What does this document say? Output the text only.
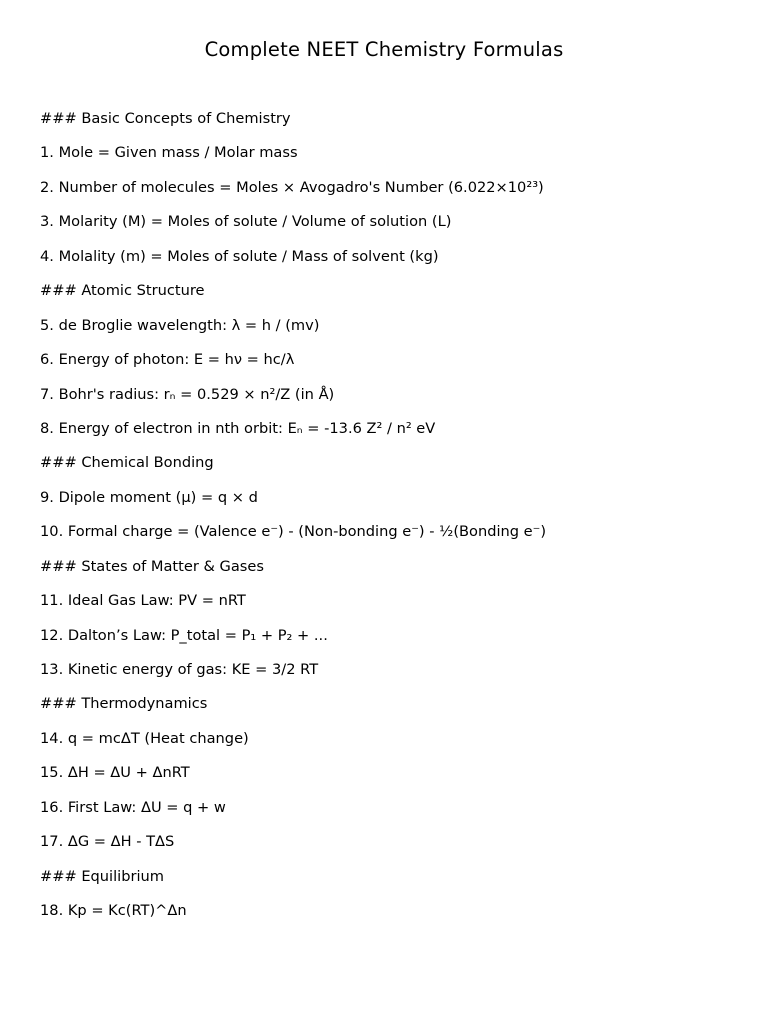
Complete NEET Chemistry Formulas
### Basic Concepts of Chemistry
1. Mole = Given mass / Molar mass
2. Number of molecules = Moles × Avogadro's Number (6.022×10²³)
3. Molarity (M) = Moles of solute / Volume of solution (L)
4. Molality (m) = Moles of solute / Mass of solvent (kg)
### Atomic Structure
5. de Broglie wavelength: λ = h / (mv)
6. Energy of photon: E = hν = hc/λ
7. Bohr's radius: rₙ = 0.529 × n²/Z (in Å)
8. Energy of electron in nth orbit: Eₙ = -13.6 Z² / n² eV
### Chemical Bonding
9. Dipole moment (μ) = q × d
10. Formal charge = (Valence e⁻) - (Non-bonding e⁻) - ½(Bonding e⁻)
### States of Matter & Gases
11. Ideal Gas Law: PV = nRT
12. Dalton’s Law: P_total = P₁ + P₂ + ...
13. Kinetic energy of gas: KE = 3/2 RT
### Thermodynamics
14. q = mcΔT (Heat change)
15. ΔH = ΔU + ΔnRT
16. First Law: ΔU = q + w
17. ΔG = ΔH - TΔS
### Equilibrium
18. Kp = Kc(RT)^Δn
